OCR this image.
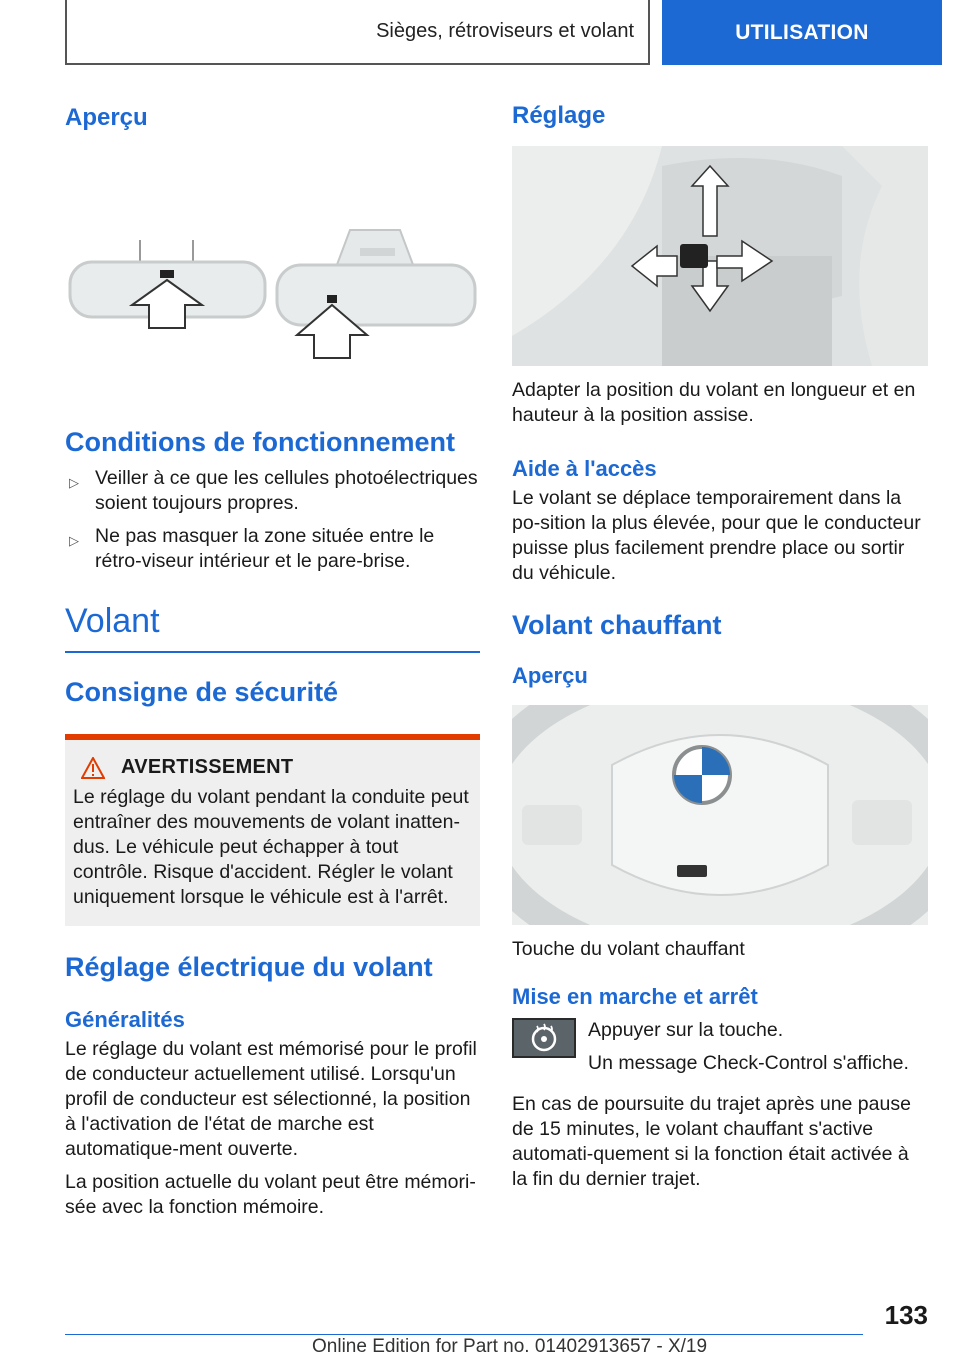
Sièges, rétroviseurs et volant	UTILISATION
Aperçu
Conditions de fonctionnement
▷ Veiller à ce que les cellules photoélectriques soient toujours propres.
▷ Ne pas masquer la zone située entre le rétro-viseur intérieur et le pare-brise.
Volant
Consigne de sécurité
AVERTISSEMENT

Le réglage du volant pendant la conduite peut entraîner des mouvements de volant inatten-dus. Le véhicule peut échapper à tout contrôle. Risque d'accident. Régler le volant uniquement lorsque le véhicule est à l'arrêt.

Réglage électrique du volant
Généralités

Le réglage du volant est mémorisé pour le profil de conducteur actuellement utilisé. Lorsqu'un profil de conducteur est sélectionné, la position à l'activation de l'état de marche est automatique-ment ouverte.

La position actuelle du volant peut être mémori-sée avec la fonction mémoire.

Réglage

Adapter la position du volant en longueur et en hauteur à la position assise.

Aide à l'accès

Le volant se déplace temporairement dans la po-sition la plus élevée, pour que le conducteur puisse plus facilement prendre place ou sortir du véhicule.

Volant chauffant
Aperçu

Touche du volant chauffant

Mise en marche et arrêt

Appuyer sur la touche.

Un message Check-Control s'affiche.

En cas de poursuite du trajet après une pause de 15 minutes, le volant chauffant s'active automati-quement si la fonction était activée à la fin du dernier trajet.

133
Online Edition for Part no. 01402913657 - X/19
